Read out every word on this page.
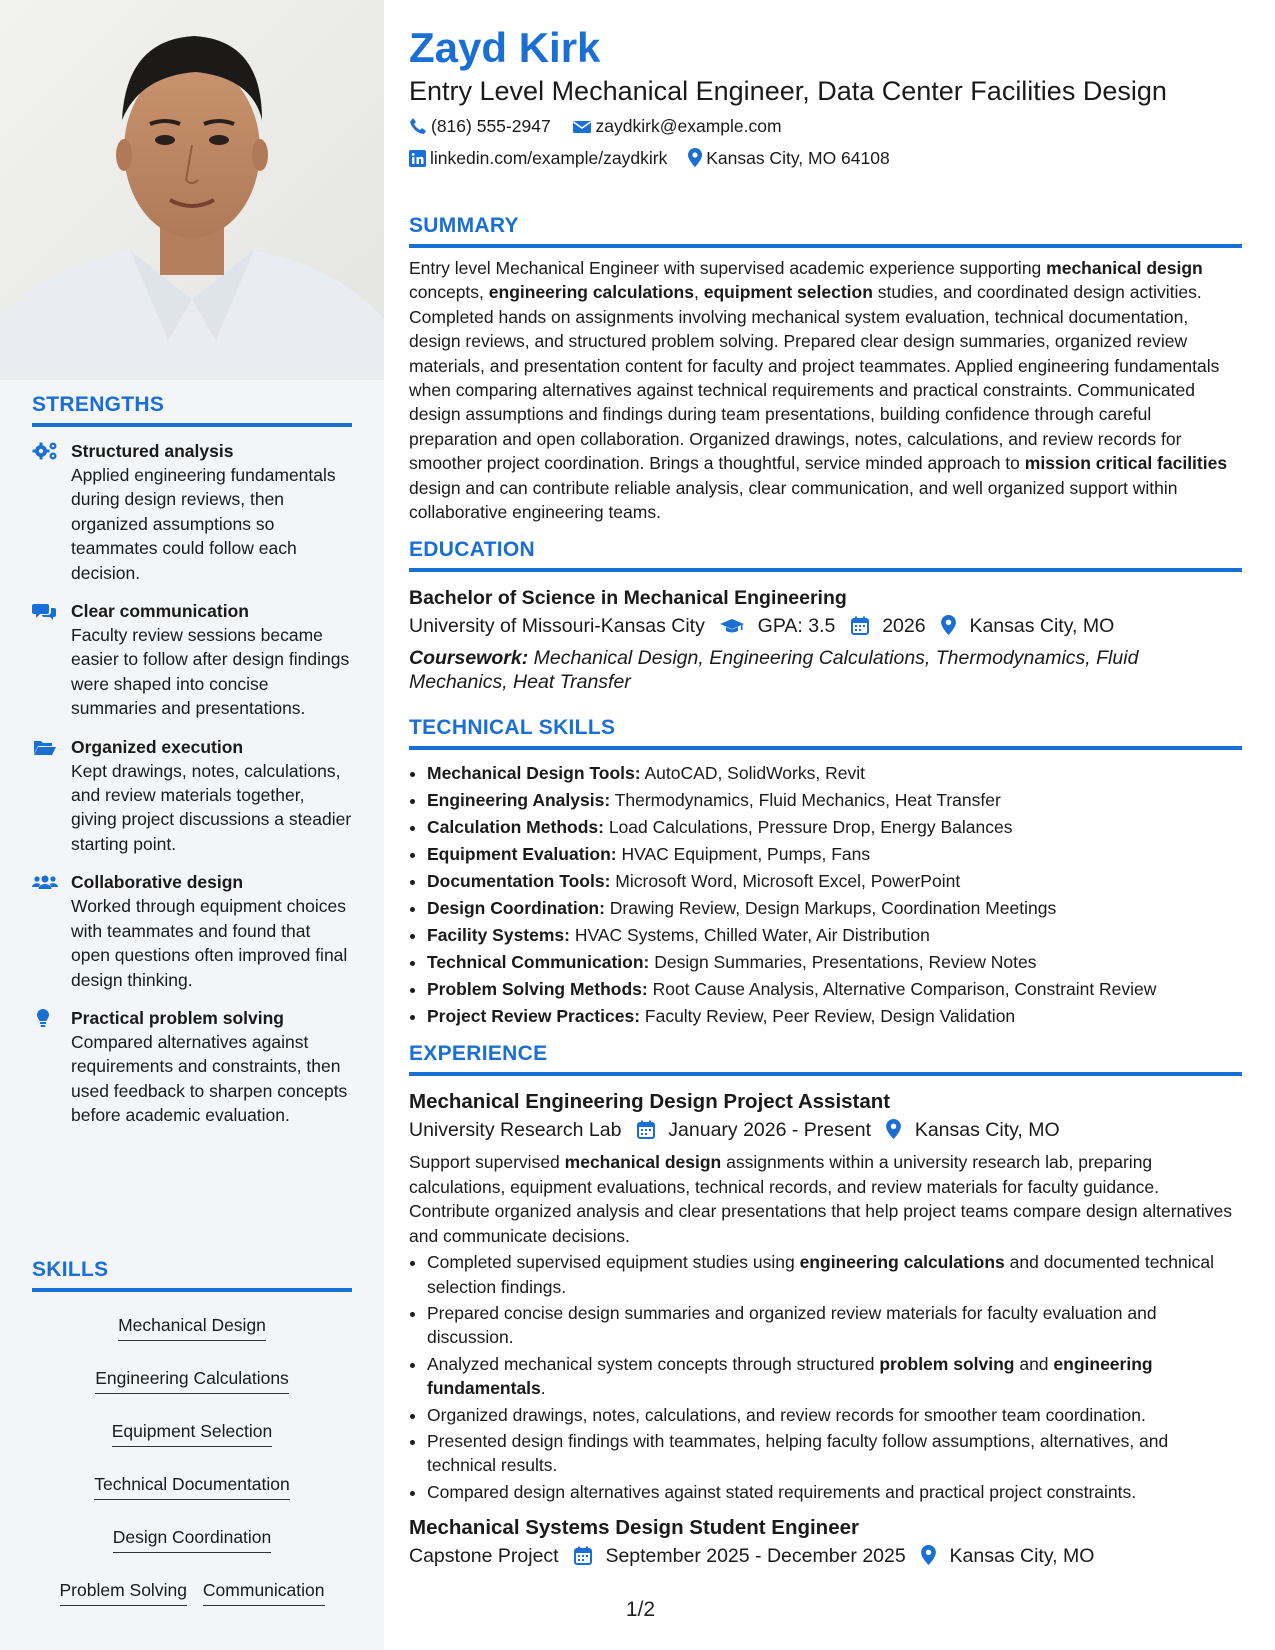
STRENGTHS
Structured analysis
Applied engineering fundamentals during design reviews, then organized assumptions so teammates could follow each decision.
Clear communication
Faculty review sessions became easier to follow after design findings were shaped into concise summaries and presentations.
Organized execution
Kept drawings, notes, calculations, and review materials together, giving project discussions a steadier starting point.
Collaborative design
Worked through equipment choices with teammates and found that open questions often improved final design thinking.
Practical problem solving
Compared alternatives against requirements and constraints, then used feedback to sharpen concepts before academic evaluation.
SKILLS
Mechanical Design
Engineering Calculations
Equipment Selection
Technical Documentation
Design Coordination
Problem Solving Communication
Zayd Kirk
Entry Level Mechanical Engineer, Data Center Facilities Design
(816) 555-2947	zaydkirk@example.com
linkedin.com/example/zaydkirk Kansas City, MO 64108
SUMMARY
Entry level Mechanical Engineer with supervised academic experience supporting mechanical design concepts, engineering calculations, equipment selection studies, and coordinated design activities. Completed hands on assignments involving mechanical system evaluation, technical documentation, design reviews, and structured problem solving. Prepared clear design summaries, organized review materials, and presentation content for faculty and project teammates. Applied engineering fundamentals when comparing alternatives against technical requirements and practical constraints. Communicated design assumptions and findings during team presentations, building confidence through careful preparation and open collaboration. Organized drawings, notes, calculations, and review records for smoother project coordination. Brings a thoughtful, service minded approach to mission critical facilities design and can contribute reliable analysis, clear communication, and well organized support within collaborative engineering teams.
EDUCATION
Bachelor of Science in Mechanical Engineering
University of Missouri-Kansas City	GPA: 3.5 2026 Kansas City, MO
Coursework: Mechanical Design, Engineering Calculations, Thermodynamics, Fluid Mechanics, Heat Transfer
TECHNICAL SKILLS
• Mechanical Design Tools: AutoCAD, SolidWorks, Revit
• Engineering Analysis: Thermodynamics, Fluid Mechanics, Heat Transfer
• Calculation Methods: Load Calculations, Pressure Drop, Energy Balances
• Equipment Evaluation: HVAC Equipment, Pumps, Fans
• Documentation Tools: Microsoft Word, Microsoft Excel, PowerPoint
• Design Coordination: Drawing Review, Design Markups, Coordination Meetings
• Facility Systems: HVAC Systems, Chilled Water, Air Distribution
• Technical Communication: Design Summaries, Presentations, Review Notes
• Problem Solving Methods: Root Cause Analysis, Alternative Comparison, Constraint Review
• Project Review Practices: Faculty Review, Peer Review, Design Validation
EXPERIENCE
Mechanical Engineering Design Project Assistant
University Research Lab January 2026 - Present Kansas City, MO
Support supervised mechanical design assignments within a university research lab, preparing calculations, equipment evaluations, technical records, and review materials for faculty guidance. Contribute organized analysis and clear presentations that help project teams compare design alternatives and communicate decisions.
• Completed supervised equipment studies using engineering calculations and documented technical selection findings.
• Prepared concise design summaries and organized review materials for faculty evaluation and discussion.
• Analyzed mechanical system concepts through structured problem solving and engineering fundamentals.
• Organized drawings, notes, calculations, and review records for smoother team coordination.
• Presented design findings with teammates, helping faculty follow assumptions, alternatives, and technical results.
• Compared design alternatives against stated requirements and practical project constraints.
Mechanical Systems Design Student Engineer
Capstone Project September 2025 - December 2025 Kansas City, MO
1/2
